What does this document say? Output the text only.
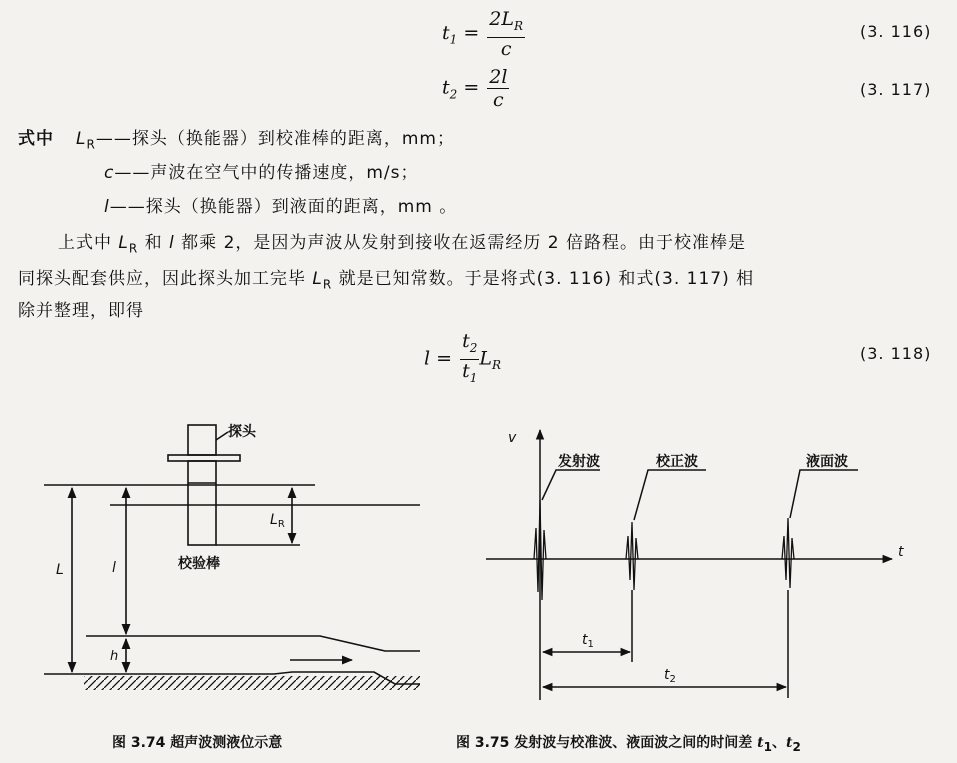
$t_1 = \frac{2L_R}{c}$	(3. 116)
$t_2 = \frac{2l}{c}$	(3. 117)
式中 $L_R——$探头（换能器）到校准棒的距离，mm；
c——声波在空气中的传播速度，m/s；
l——探头（换能器）到液面的距离，mm 。
上式中 $L_R$ 和 l 都乘 2，是因为声波从发射到接收在返需经历 2 倍路程。由于校准棒是
同探头配套供应，因此探头加工完毕 $L_R$ 就是已知常数。于是将式(3. 116) 和式(3. 117) 相
除并整理，即得
$l = \frac{t_2}{t_1} L_R$
(3. 118)
探头
校验棒
L	l
h
$L_R$
v
t
发射波	校正波	液面波
$t_1$
$t_2$
图 3.74 超声波测液位示意	图 3.75 发射波与校准波、液面波之间的时间差 $t_1$、$t_2$
